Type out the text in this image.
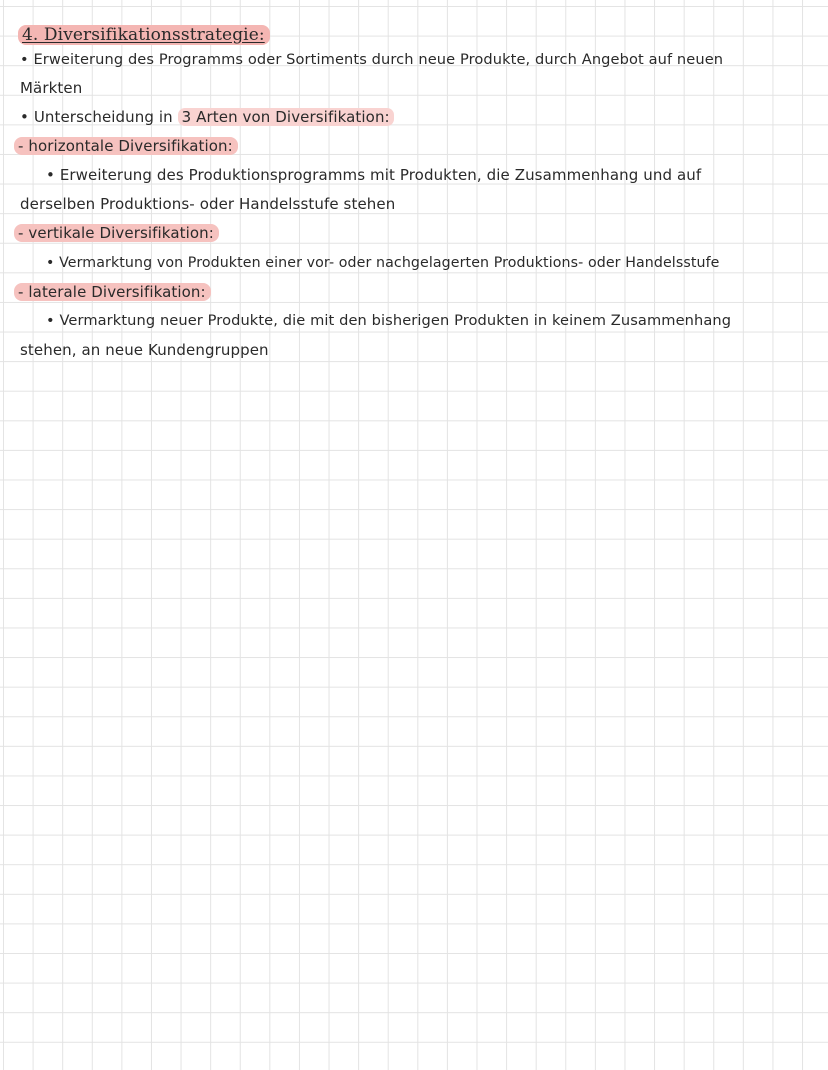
4. Diversifikationsstrategie:
• Erweiterung des Programms oder Sortiments durch neue Produkte, durch Angebot auf neuen
Märkten
• Unterscheidung in 3 Arten von Diversifikation:
- horizontale Diversifikation:
• Erweiterung des Produktionsprogramms mit Produkten, die Zusammenhang und auf
derselben Produktions- oder Handelsstufe stehen
- vertikale Diversifikation:
• Vermarktung von Produkten einer vor- oder nachgelagerten Produktions- oder Handelsstufe
- laterale Diversifikation:
• Vermarktung neuer Produkte, die mit den bisherigen Produkten in keinem Zusammenhang
stehen, an neue Kundengruppen
